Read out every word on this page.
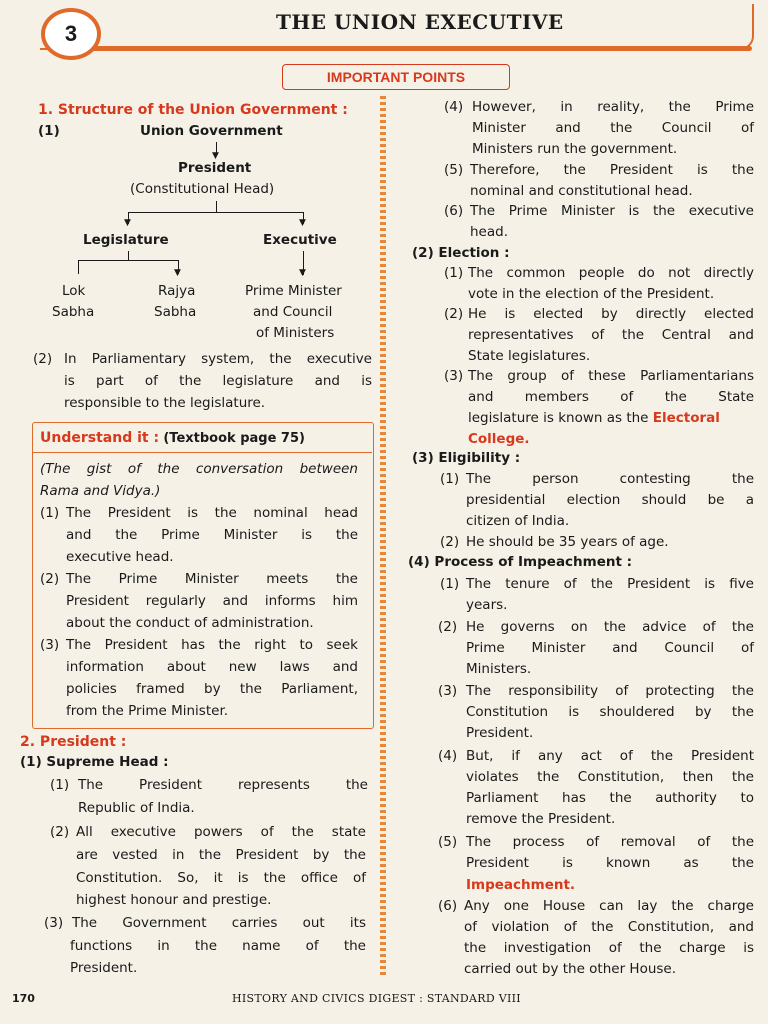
3	THE UNION EXECUTIVE
IMPORTANT POINTS
1. Structure of the Union Government :
(1)	Union Government
▼
President
(Constitutional Head)
▼	▼
Legislature	Executive
▼	▼
Lok
Sabha
Rajya
Sabha
Prime Minister
and Council
of Ministers
(2) In Parliamentary system, the executive
is part of the legislature and is
responsible to the legislature.
Understand it : (Textbook page 75)
(The gist of the conversation between
Rama and Vidya.)
(1) The President is the nominal head
and the Prime Minister is the
executive head.
(2) The Prime Minister meets the
President regularly and informs him
about the conduct of administration.
(3) The President has the right to seek
information about new laws and
policies framed by the Parliament,
from the Prime Minister.
2. President :
(1) Supreme Head :
(1) The President represents the
Republic of India.
(2) All executive powers of the state
are vested in the President by the
Constitution. So, it is the office of
highest honour and prestige.
(3) The Government carries out its
functions in the name of the
President.
(4) However, in reality, the Prime
Minister and the Council of
Ministers run the government.
(5) Therefore, the President is the
nominal and constitutional head.
(6) The Prime Minister is the executive
head.
(2) Election :
(1) The common people do not directly
vote in the election of the President.
(2) He is elected by directly elected
representatives of the Central and
State legislatures.
(3) The group of these Parliamentarians
and members of the State
legislature is known as the Electoral
College.
(3) Eligibility :
(1) The person contesting the
presidential election should be a
citizen of India.
(2) He should be 35 years of age.
(4) Process of Impeachment :
(1) The tenure of the President is five
years.
(2) He governs on the advice of the
Prime Minister and Council of
Ministers.
(3) The responsibility of protecting the
Constitution is shouldered by the
President.
(4) But, if any act of the President
violates the Constitution, then the
Parliament has the authority to
remove the President.
(5) The process of removal of the
President is known as the
Impeachment.
(6) Any one House can lay the charge
of violation of the Constitution, and
the investigation of the charge is
carried out by the other House.
170	HISTORY AND CIVICS DIGEST : STANDARD VIII
